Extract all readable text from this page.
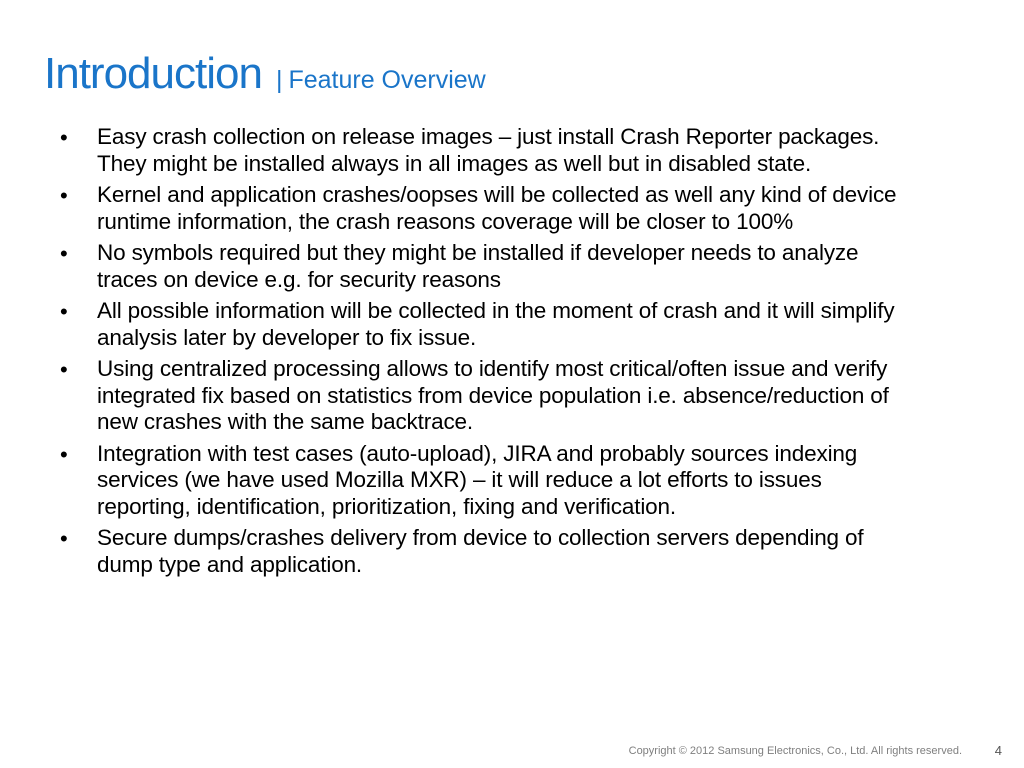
Introduction | Feature Overview
•	Easy crash collection on release images – just install Crash Reporter packages. They might be installed always in all images as well but in disabled state.
•	Kernel and application crashes/oopses will be collected as well any kind of device runtime information, the crash reasons coverage will be closer to 100%
•	No symbols required but they might be installed if developer needs to analyze traces on device e.g. for security reasons
•	All possible information will be collected in the moment of crash and it will simplify analysis later by developer to fix issue.
•	Using centralized processing allows to identify most critical/often issue and verify integrated fix based on statistics from device population i.e. absence/reduction of new crashes with the same backtrace.
•	Integration with test cases (auto-upload), JIRA and probably sources indexing services (we have used Mozilla MXR) – it will reduce a lot efforts to issues reporting, identification, prioritization, fixing and verification.
•	Secure dumps/crashes delivery from device to collection servers depending of dump type and application.
Copyright © 2012 Samsung Electronics, Co., Ltd. All rights reserved.	4
